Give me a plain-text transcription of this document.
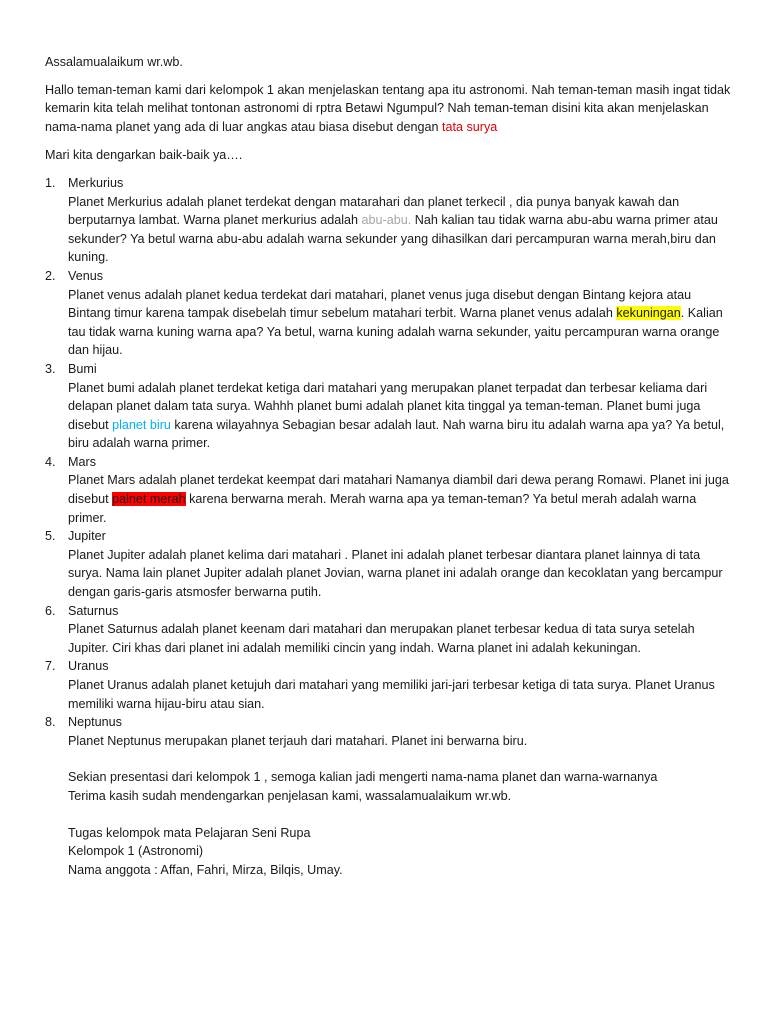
Assalamualaikum wr.wb.

Hallo teman-teman kami dari kelompok 1 akan menjelaskan tentang apa itu astronomi. Nah teman-teman masih ingat tidak kemarin kita telah melihat tontonan astronomi di rptra Betawi Ngumpul? Nah teman-teman disini kita akan menjelaskan nama-nama planet yang ada di luar angkas atau biasa disebut dengan tata surya

Mari kita dengarkan baik-baik ya….

1. Merkurius
Planet Merkurius adalah planet terdekat dengan matarahari dan planet terkecil , dia punya banyak kawah dan berputarnya lambat. Warna planet merkurius adalah abu-abu. Nah kalian tau tidak warna abu-abu warna primer atau sekunder? Ya betul warna abu-abu adalah warna sekunder yang dihasilkan dari percampuran warna merah,biru dan kuning.
2. Venus
Planet venus adalah planet kedua terdekat dari matahari, planet venus juga disebut dengan Bintang kejora atau Bintang timur karena tampak disebelah timur sebelum matahari terbit. Warna planet venus adalah kekuningan. Kalian tau tidak warna kuning warna apa? Ya betul, warna kuning adalah warna sekunder, yaitu percampuran warna orange dan hijau.
3. Bumi
Planet bumi adalah planet terdekat ketiga dari matahari yang merupakan planet terpadat dan terbesar keliama dari delapan planet dalam tata surya. Wahhh planet bumi adalah planet kita tinggal ya teman-teman. Planet bumi juga disebut planet biru karena wilayahnya Sebagian besar adalah laut. Nah warna biru itu adalah warna apa ya? Ya betul, biru adalah warna primer.
4. Mars
Planet Mars adalah planet terdekat keempat dari matahari Namanya diambil dari dewa perang Romawi. Planet ini juga disebut palnet merah karena berwarna merah. Merah warna apa ya teman-teman? Ya betul merah adalah warna primer.
5. Jupiter
Planet Jupiter adalah planet kelima dari matahari . Planet ini adalah planet terbesar diantara planet lainnya di tata surya. Nama lain planet Jupiter adalah planet Jovian, warna planet ini adalah orange dan kecoklatan yang bercampur dengan garis-garis atsmosfer berwarna putih.
6. Saturnus
Planet Saturnus adalah planet keenam dari matahari dan merupakan planet terbesar kedua di tata surya setelah Jupiter. Ciri khas dari planet ini adalah memiliki cincin yang indah. Warna planet ini adalah kekuningan.
7. Uranus
Planet Uranus adalah planet ketujuh dari matahari yang memiliki jari-jari terbesar ketiga di tata surya. Planet Uranus memiliki warna hijau-biru atau sian.
8. Neptunus
Planet Neptunus merupakan planet terjauh dari matahari. Planet ini berwarna biru.

Sekian presentasi dari kelompok 1 , semoga kalian jadi mengerti nama-nama planet dan warna-warnanya

Terima kasih sudah mendengarkan penjelasan kami, wassalamualaikum wr.wb.

Tugas kelompok mata Pelajaran Seni Rupa

Kelompok 1 (Astronomi)

Nama anggota : Affan, Fahri, Mirza, Bilqis, Umay.
